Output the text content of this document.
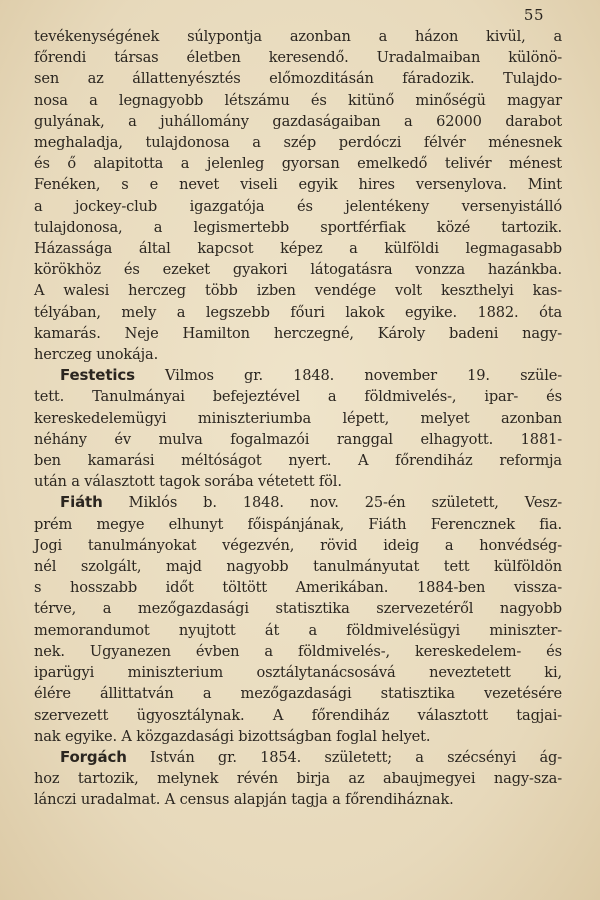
55
tevékenységének súlypontja azonban a házon kivül, a
főrendi társas életben keresendő. Uradalmaiban különö-
sen az állattenyésztés előmozditásán fáradozik. Tulajdo-
nosa a legnagyobb létszámu és kitünő minőségü magyar
gulyának, a juhállomány gazdaságaiban a 62000 darabot
meghaladja, tulajdonosa a szép perdóczi félvér ménesnek
és ő alapitotta a jelenleg gyorsan emelkedő telivér ménest
Fenéken, s e nevet viseli egyik hires versenylova. Mint
a jockey-club igazgatója és jelentékeny versenyistálló
tulajdonosa, a legismertebb sportférfiak közé tartozik.
Házassága által kapcsot képez a külföldi legmagasabb
körökhöz és ezeket gyakori látogatásra vonzza hazánkba.
A walesi herczeg több izben vendége volt keszthelyi kas-
télyában, mely a legszebb főuri lakok egyike. 1882. óta
kamarás. Neje Hamilton herczegné, Károly badeni nagy-
herczeg unokája.
Festetics Vilmos gr. 1848. november 19. szüle-
tett. Tanulmányai befejeztével a földmivelés-, ipar- és
kereskedelemügyi miniszteriumba lépett, melyet azonban
néhány év mulva fogalmazói ranggal elhagyott. 1881-
ben kamarási méltóságot nyert. A főrendiház reformja
után a választott tagok sorába vétetett föl.
Fiáth Miklós b. 1848. nov. 25-én született, Vesz-
prém megye elhunyt főispánjának, Fiáth Ferencznek fia.
Jogi tanulmányokat végezvén, rövid ideig a honvédség-
nél szolgált, majd nagyobb tanulmányutat tett külföldön
s hosszabb időt töltött Amerikában. 1884-ben vissza-
térve, a mezőgazdasági statisztika szervezetéről nagyobb
memorandumot nyujtott át a földmivelésügyi miniszter-
nek. Ugyanezen évben a földmivelés-, kereskedelem- és
iparügyi miniszterium osztálytanácsosává neveztetett ki,
élére állittatván a mezőgazdasági statisztika vezetésére
szervezett ügyosztálynak. A főrendiház választott tagjai-
nak egyike. A közgazdasági bizottságban foglal helyet.
Forgách István gr. 1854. született; a szécsényi ág-
hoz tartozik, melynek révén birja az abaujmegyei nagy-sza-
lánczi uradalmat. A census alapján tagja a főrendiháznak.
